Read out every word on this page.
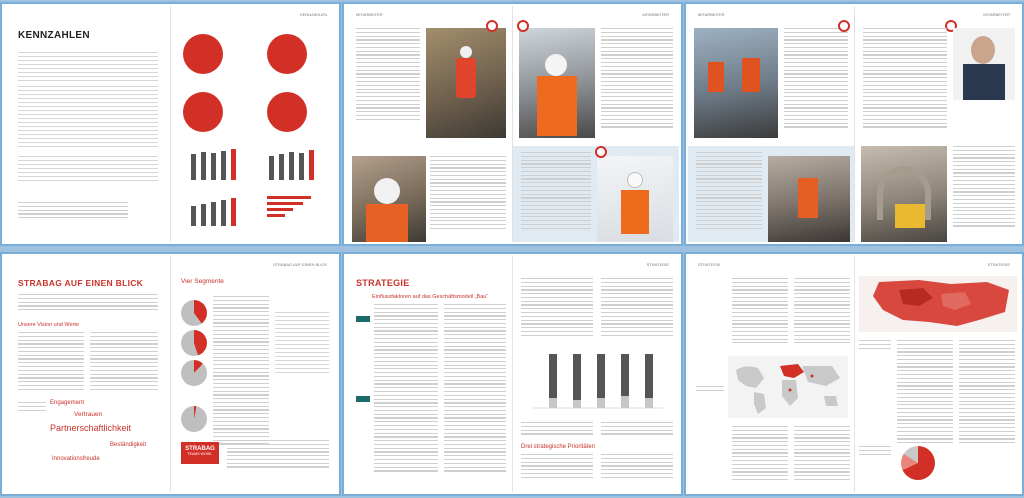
KENNZAHLEN
KENNZAHLEN	MITARBEITER	MITARBEITER	MITARBEITER	MITARBEITER
STRABAG AUF EINEN BLICK
Unsere Vision und Werte
Engagement
Vertrauen
Partnerschaftlichkeit
Beständigkeit
Innovationsfreude
STRABAG AUF EINEN BLICK
Vier Segmente
STRABAG
TEAMS WORK.
STRATEGIE
Einflussfaktoren auf das Geschäftsmodell „Bau“
STRATEGIE
Drei strategische Prioritäten
STRATEGIE	STRATEGIE
